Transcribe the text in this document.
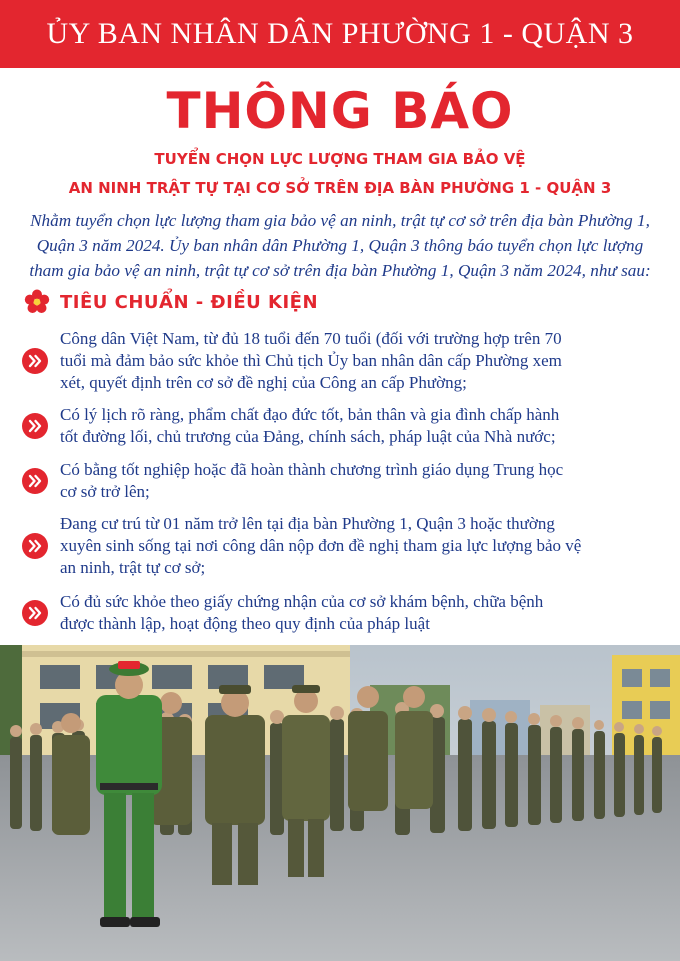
ỦY BAN NHÂN DÂN PHƯỜNG 1 - QUẬN 3
THÔNG BÁO
TUYỂN CHỌN LỰC LƯỢNG THAM GIA BẢO VỆ
AN NINH TRẬT TỰ TẠI CƠ SỞ TRÊN ĐỊA BÀN PHƯỜNG 1 - QUẬN 3
Nhằm tuyển chọn lực lượng tham gia bảo vệ an ninh, trật tự cơ sở trên địa bàn Phường 1,
Quận 3 năm 2024. Ủy ban nhân dân Phường 1, Quận 3 thông báo tuyển chọn lực lượng
tham gia bảo vệ an ninh, trật tự cơ sở trên địa bàn Phường 1, Quận 3 năm 2024, như sau:
TIÊU CHUẨN - ĐIỀU KIỆN
Công dân Việt Nam, từ đủ 18 tuổi đến 70 tuổi (đối với trường hợp trên 70
tuổi mà đảm bảo sức khỏe thì Chủ tịch Ủy ban nhân dân cấp Phường xem
xét, quyết định trên cơ sở đề nghị của Công an cấp Phường;
Có lý lịch rõ ràng, phẩm chất đạo đức tốt, bản thân và gia đình chấp hành
tốt đường lối, chủ trương của Đảng, chính sách, pháp luật của Nhà nước;
Có bằng tốt nghiệp hoặc đã hoàn thành chương trình giáo dụng Trung học
cơ sở trở lên;
Đang cư trú từ 01 năm trở lên tại địa bàn Phường 1, Quận 3 hoặc thường
xuyên sinh sống tại nơi công dân nộp đơn đề nghị tham gia lực lượng bảo vệ
an ninh, trật tự cơ sở;
Có đủ sức khỏe theo giấy chứng nhận của cơ sở khám bệnh, chữa bệnh
được thành lập, hoạt động theo quy định của pháp luật
